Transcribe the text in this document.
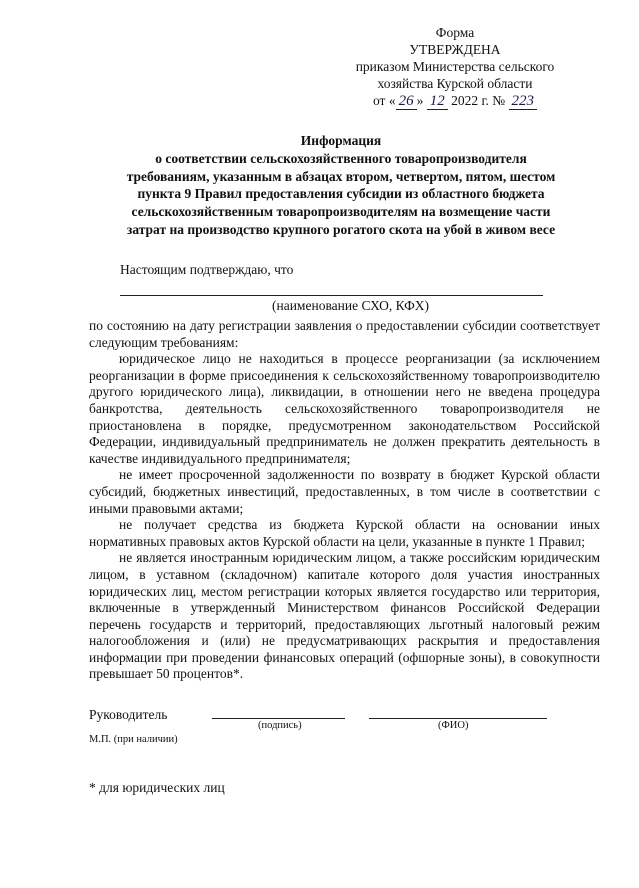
Форма
УТВЕРЖДЕНА
приказом Министерства сельского
хозяйства Курской области
от « 26 » 12 2022 г. № 223
Информация
о соответствии сельскохозяйственного товаропроизводителя
требованиям, указанным в абзацах втором, четвертом, пятом, шестом
пункта 9 Правил предоставления субсидии из областного бюджета
сельскохозяйственным товаропроизводителям на возмещение части
затрат на производство крупного рогатого скота на убой в живом весе
Настоящим подтверждаю, что
(наименование СХО, КФХ)

по состоянию на дату регистрации заявления о предоставлении субсидии соответствует следующим требованиям:

юридическое лицо не находиться в процессе реорганизации (за исключением реорганизации в форме присоединения к сельскохозяйственному товаропроизводителю другого юридического лица), ликвидации, в отношении него не введена процедура банкротства, деятельность сельскохозяйственного товаропроизводителя не приостановлена в порядке, предусмотренном законодательством Российской Федерации, индивидуальный предприниматель не должен прекратить деятельность в качестве индивидуального предпринимателя;

не имеет просроченной задолженности по возврату в бюджет Курской области субсидий, бюджетных инвестиций, предоставленных, в том числе в соответствии с иными правовыми актами;

не получает средства из бюджета Курской области на основании иных нормативных правовых актов Курской области на цели, указанные в пункте 1 Правил;

не является иностранным юридическим лицом, а также российским юридическим лицом, в уставном (складочном) капитале которого доля участия иностранных юридических лиц, местом регистрации которых является государство или территория, включенные в утвержденный Министерством финансов Российской Федерации перечень государств и территорий, предоставляющих льготный налоговый режим налогообложения и (или) не предусматривающих раскрытия и предоставления информации при проведении финансовых операций (офшорные зоны), в совокупности превышает 50 процентов*.

Руководитель
(подпись)	(ФИО)
М.П. (при наличии)
* для юридических лиц
